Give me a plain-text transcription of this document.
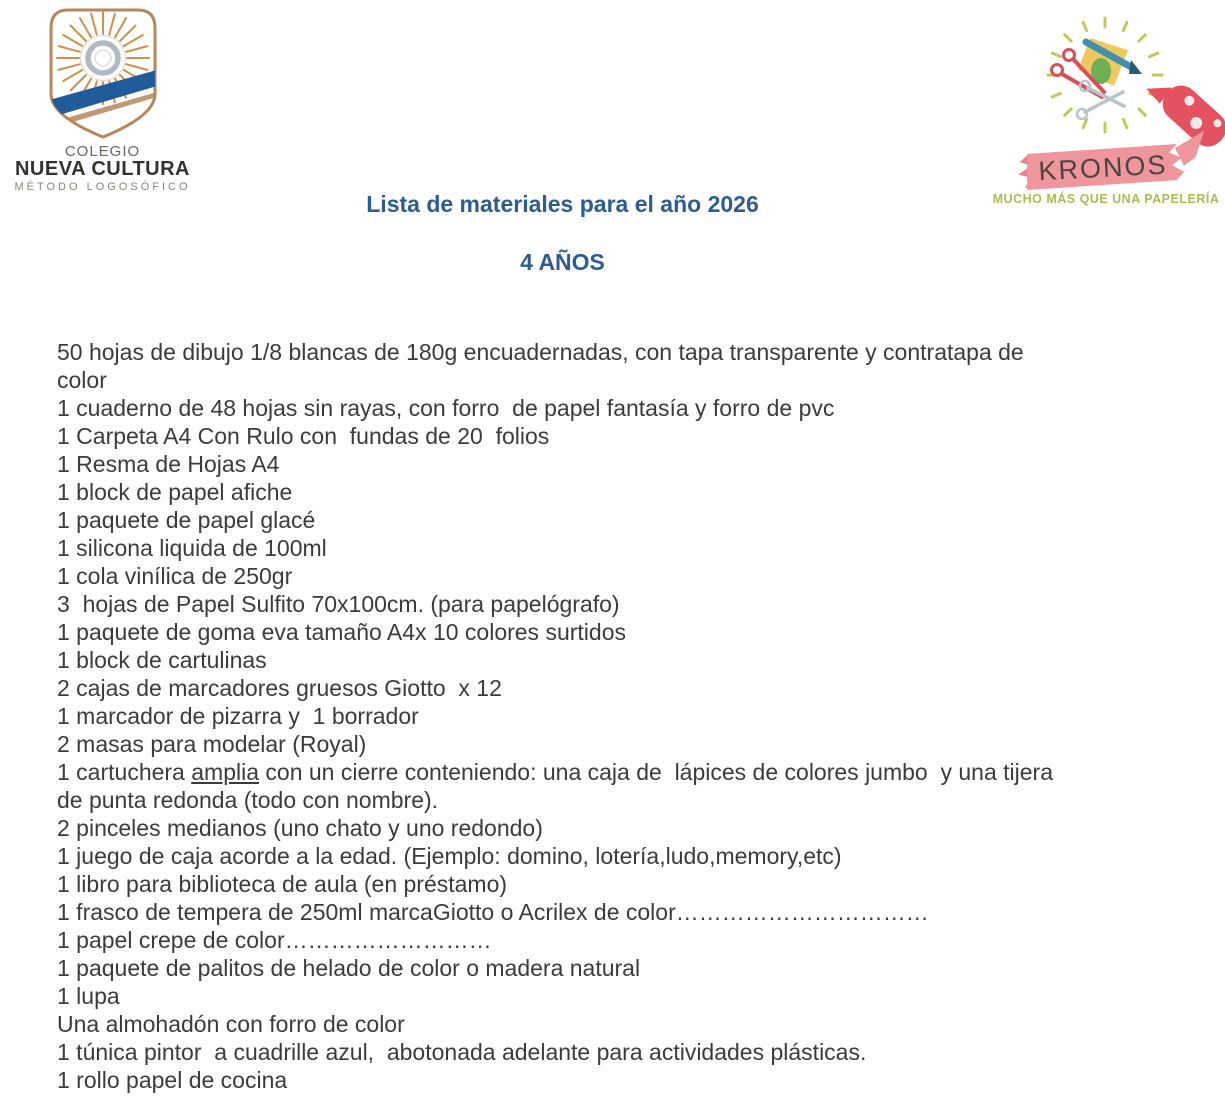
COLEGIO
NUEVA CULTURA
MÉTODO LOGOSÓFICO
KRONOS
MUCHO MÁS QUE UNA PAPELERÍA
Lista de materiales para el año 2026
4 AÑOS

50 hojas de dibujo 1/8 blancas de 180g encuadernadas, con tapa transparente y contratapa de color

1 cuaderno de 48 hojas sin rayas, con forro  de papel fantasía y forro de pvc

1 Carpeta A4 Con Rulo con  fundas de 20  folios

1 Resma de Hojas A4

1 block de papel afiche

1 paquete de papel glacé

1 silicona liquida de 100ml

1 cola vinílica de 250gr

3  hojas de Papel Sulfito 70x100cm. (para papelógrafo)

1 paquete de goma eva tamaño A4x 10 colores surtidos

1 block de cartulinas

2 cajas de marcadores gruesos Giotto  x 12

1 marcador de pizarra y  1 borrador

2 masas para modelar (Royal)

1 cartuchera amplia con un cierre conteniendo: una caja de  lápices de colores jumbo  y una tijera de punta redonda (todo con nombre).

2 pinceles medianos (uno chato y uno redondo)

1 juego de caja acorde a la edad. (Ejemplo: domino, lotería,ludo,memory,etc)

1 libro para biblioteca de aula (en préstamo)

1 frasco de tempera de 250ml marcaGiotto o Acrilex de color……………………………

1 papel crepe de color………………………

1 paquete de palitos de helado de color o madera natural

1 lupa

Una almohadón con forro de color

1 túnica pintor  a cuadrille azul,  abotonada adelante para actividades plásticas.

1 rollo papel de cocina
